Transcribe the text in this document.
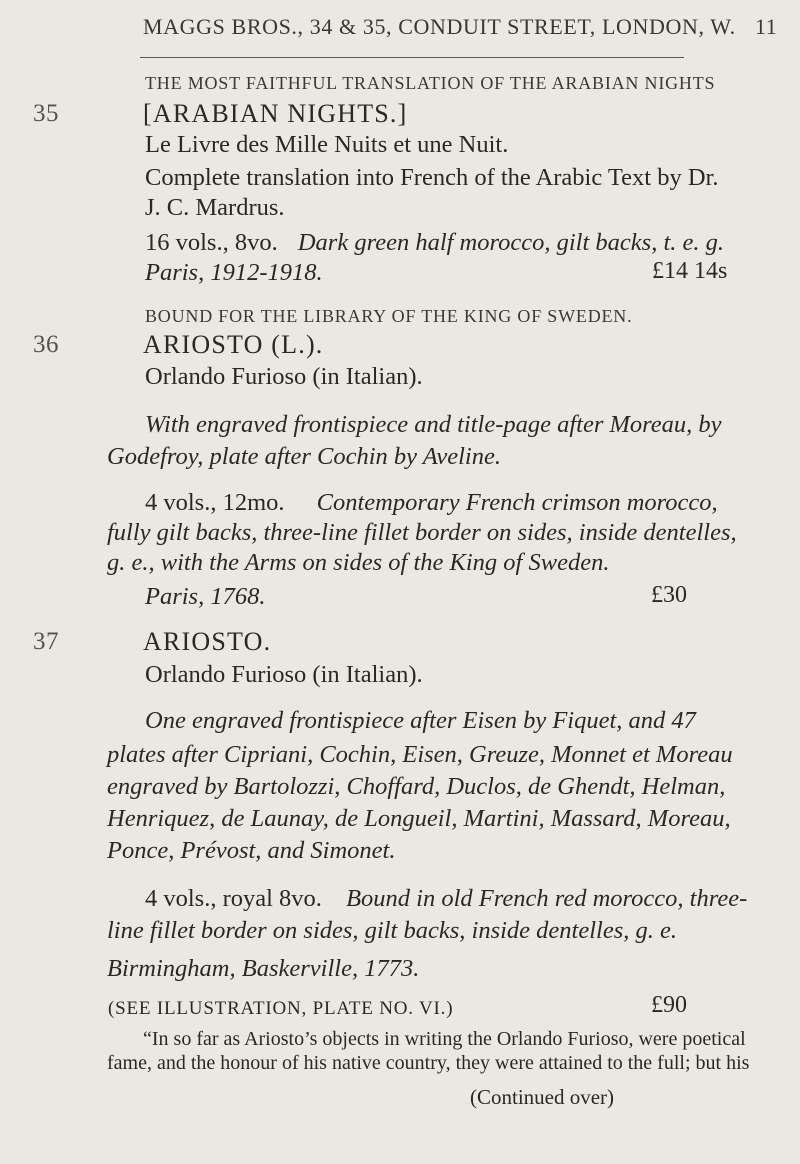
MAGGS BROS., 34 & 35, CONDUIT STREET, LONDON, W. 11
THE MOST FAITHFUL TRANSLATION OF THE ARABIAN NIGHTS
35	[ARABIAN NIGHTS.]
Le Livre des Mille Nuits et une Nuit.
Complete translation into French of the Arabic Text by Dr.
J. C. Mardrus.
16 vols., 8vo. Dark green half morocco, gilt backs, t. e. g.
Paris, 1912-1918.	£14 14s
BOUND FOR THE LIBRARY OF THE KING OF SWEDEN.
36	ARIOSTO (L.).
Orlando Furioso (in Italian).
With engraved frontispiece and title-page after Moreau, by
Godefroy, plate after Cochin by Aveline.
4 vols., 12mo. Contemporary French crimson morocco,
fully gilt backs, three-line fillet border on sides, inside dentelles,
g. e., with the Arms on sides of the King of Sweden.
Paris, 1768.	£30
37	ARIOSTO.
Orlando Furioso (in Italian).
One engraved frontispiece after Eisen by Fiquet, and 47
plates after Cipriani, Cochin, Eisen, Greuze, Monnet et Moreau
engraved by Bartolozzi, Choffard, Duclos, de Ghendt, Helman,
Henriquez, de Launay, de Longueil, Martini, Massard, Moreau,
Ponce, Prévost, and Simonet.
4 vols., royal 8vo. Bound in old French red morocco, three-
line fillet border on sides, gilt backs, inside dentelles, g. e.
Birmingham, Baskerville, 1773.
(SEE ILLUSTRATION, PLATE NO. VI.)	£90
“In so far as Ariosto’s objects in writing the Orlando Furioso, were poetical
fame, and the honour of his native country, they were attained to the full; but his
(Continued over)
